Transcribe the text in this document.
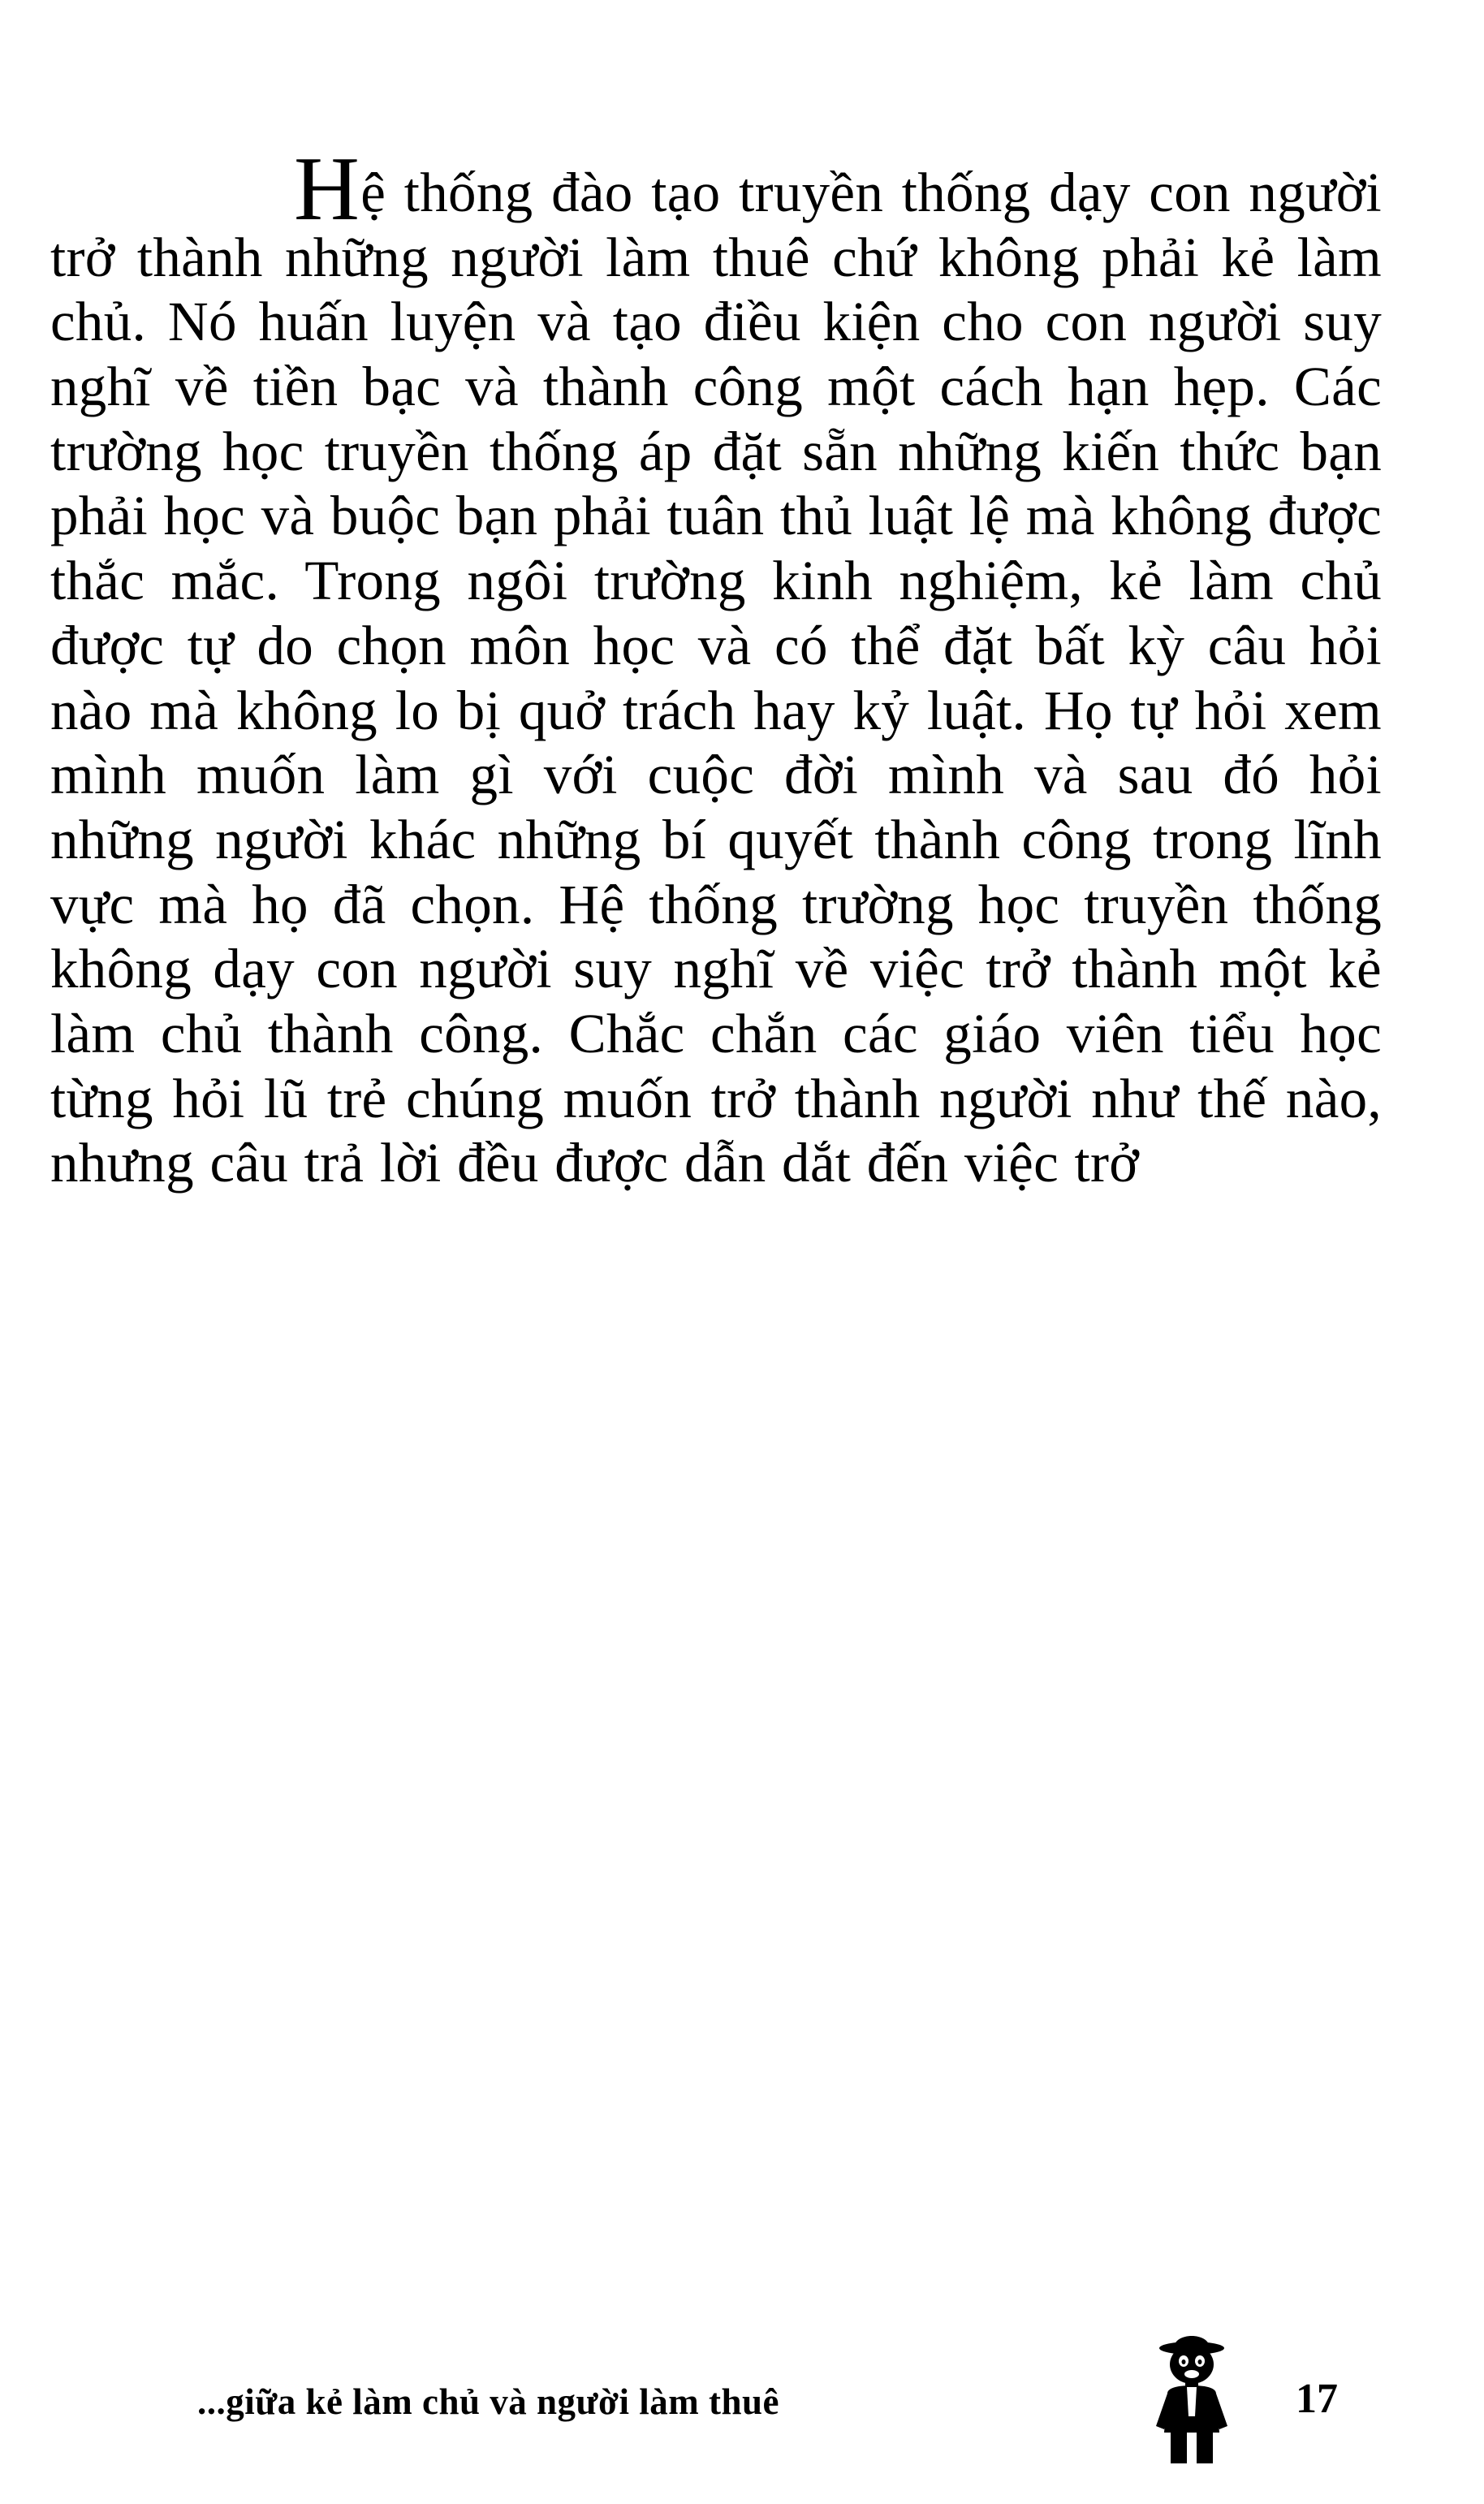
Hệ thống đào tạo truyền thống dạy con người trở thành những người làm thuê chứ không phải kẻ làm chủ. Nó huấn luyện và tạo điều kiện cho con người suy nghĩ về tiền bạc và thành công một cách hạn hẹp. Các trường học truyền thống áp đặt sẵn những kiến thức bạn phải học và buộc bạn phải tuân thủ luật lệ mà không được thắc mắc. Trong ngôi trường kinh nghiệm, kẻ làm chủ được tự do chọn môn học và có thể đặt bất kỳ câu hỏi nào mà không lo bị quở trách hay kỷ luật. Họ tự hỏi xem mình muốn làm gì với cuộc đời mình và sau đó hỏi những người khác những bí quyết thành công trong lĩnh vực mà họ đã chọn. Hệ thống trường học truyền thống không dạy con người suy nghĩ về việc trở thành một kẻ làm chủ thành công. Chắc chắn các giáo viên tiểu học từng hỏi lũ trẻ chúng muốn trở thành người như thế nào, nhưng câu trả lời đều được dẫn dắt đến việc trở

...giữa kẻ làm chủ và người làm thuê	17
